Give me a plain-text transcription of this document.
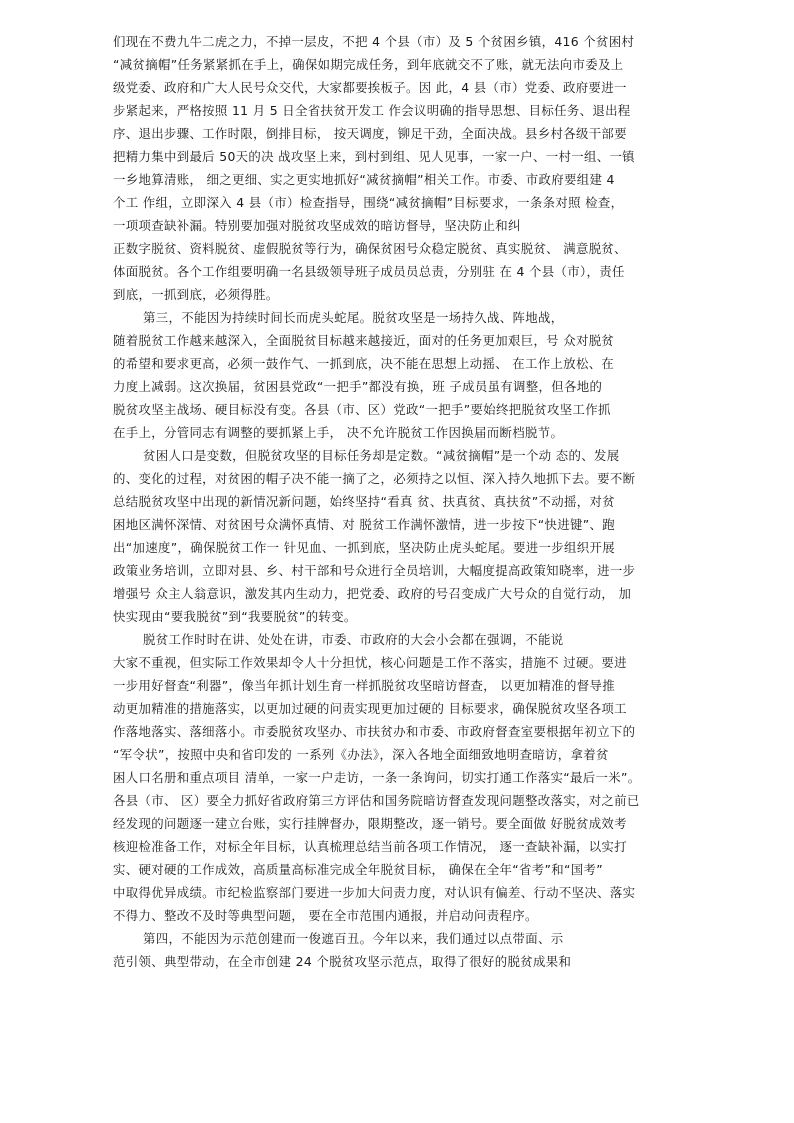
们现在不费九牛二虎之力，不掉一层皮，不把 4 个县（市）及 5 个贫困乡镇，416 个贫困村
“减贫摘帽”任务紧紧抓在手上，确保如期完成任务，到年底就交不了账，就无法向市委及上
级党委、政府和广大人民号众交代，大家都要挨板子。因 此，4 县（市）党委、政府要进一
步紧起来，严格按照 11 月 5 日全省扶贫开发工 作会议明确的指导思想、目标任务、退出程
序、退出步骤、工作时限，倒排目标， 按天调度，铆足干劲，全面决战。县乡村各级干部要
把精力集中到最后 50天的决 战攻坚上来，到村到组、见人见事，一家一户、一村一组、一镇
一乡地算清账， 细之更细、实之更实地抓好“减贫摘帽”相关工作。市委、市政府要组建 4
个工 作组，立即深入 4 县（市）检查指导，围绕“减贫摘帽”目标要求，一条条对照 检查，
一项项查缺补漏。特别要加强对脱贫攻坚成效的暗访督导，坚决防止和纠
正数字脱贫、资料脱贫、虚假脱贫等行为，确保贫困号众稳定脱贫、真实脱贫、 满意脱贫、
体面脱贫。各个工作组要明确一名县级领导班子成员员总责，分别驻 在 4 个县（市），责任
到底，一抓到底，必须得胜。
第三，不能因为持续时间长而虎头蛇尾。脱贫攻坚是一场持久战、阵地战，
随着脱贫工作越来越深入，全面脱贫目标越来越接近，面对的任务更加艰巨，号 众对脱贫
的希望和要求更高，必须一鼓作气、一抓到底，决不能在思想上动摇、 在工作上放松、在
力度上减弱。这次换届，贫困县党政“一把手”都没有换，班 子成员虽有调整，但各地的
脱贫攻坚主战场、硬目标没有变。各县（市、区）党政“一把手”要始终把脱贫攻坚工作抓
在手上，分管同志有调整的要抓紧上手， 决不允许脱贫工作因换届而断档脱节。
贫困人口是变数，但脱贫攻坚的目标任务却是定数。“减贫摘帽”是一个动 态的、发展
的、变化的过程，对贫困的帽子决不能一摘了之，必须持之以恒、深入持久地抓下去。要不断
总结脱贫攻坚中出现的新情况新问题，始终坚持“看真 贫、扶真贫、真扶贫”不动摇，对贫
困地区满怀深情、对贫困号众满怀真情、对 脱贫工作满怀激情，进一步按下“快进键”、跑
出“加速度”，确保脱贫工作一 针见血、一抓到底，坚决防止虎头蛇尾。要进一步组织开展
政策业务培训，立即对县、乡、村干部和号众进行全员培训，大幅度提高政策知晓率，进一步
增强号 众主人翁意识，激发其内生动力，把党委、政府的号召变成广大号众的自觉行动， 加
快实现由“要我脱贫”到“我要脱贫”的转变。
脱贫工作时时在讲、处处在讲，市委、市政府的大会小会都在强调，不能说
大家不重视，但实际工作效果却令人十分担忧，核心问题是工作不落实，措施不 过硬。要进
一步用好督查“利器”，像当年抓计划生育一样抓脱贫攻坚暗访督查， 以更加精准的督导推
动更加精准的措施落实，以更加过硬的问责实现更加过硬的 目标要求，确保脱贫攻坚各项工
作落地落实、落细落小。市委脱贫攻坚办、市扶贫办和市委、市政府督查室要根据年初立下的
“军令状”，按照中央和省印发的 一系列《办法》，深入各地全面细致地明查暗访，拿着贫
困人口名册和重点项目 清单，一家一户走访，一条一条询问，切实打通工作落实“最后一米”。
各县（市、 区）要全力抓好省政府第三方评估和国务院暗访督查发现问题整改落实，对之前已
经发现的问题逐一建立台账，实行挂牌督办，限期整改，逐一销号。要全面做 好脱贫成效考
核迎检准备工作，对标全年目标，认真梳理总结当前各项工作情况， 逐一查缺补漏，以实打
实、硬对硬的工作成效，高质量高标准完成全年脱贫目标， 确保在全年“省考”和“国考”
中取得优异成绩。市纪检监察部门要进一步加大问责力度，对认识有偏差、行动不坚决、落实
不得力、整改不及时等典型问题， 要在全市范围内通报，并启动问责程序。
第四，不能因为示范创建而一俊遮百丑。今年以来，我们通过以点带面、示
范引领、典型带动，在全市创建 24 个脱贫攻坚示范点，取得了很好的脱贫成果和
